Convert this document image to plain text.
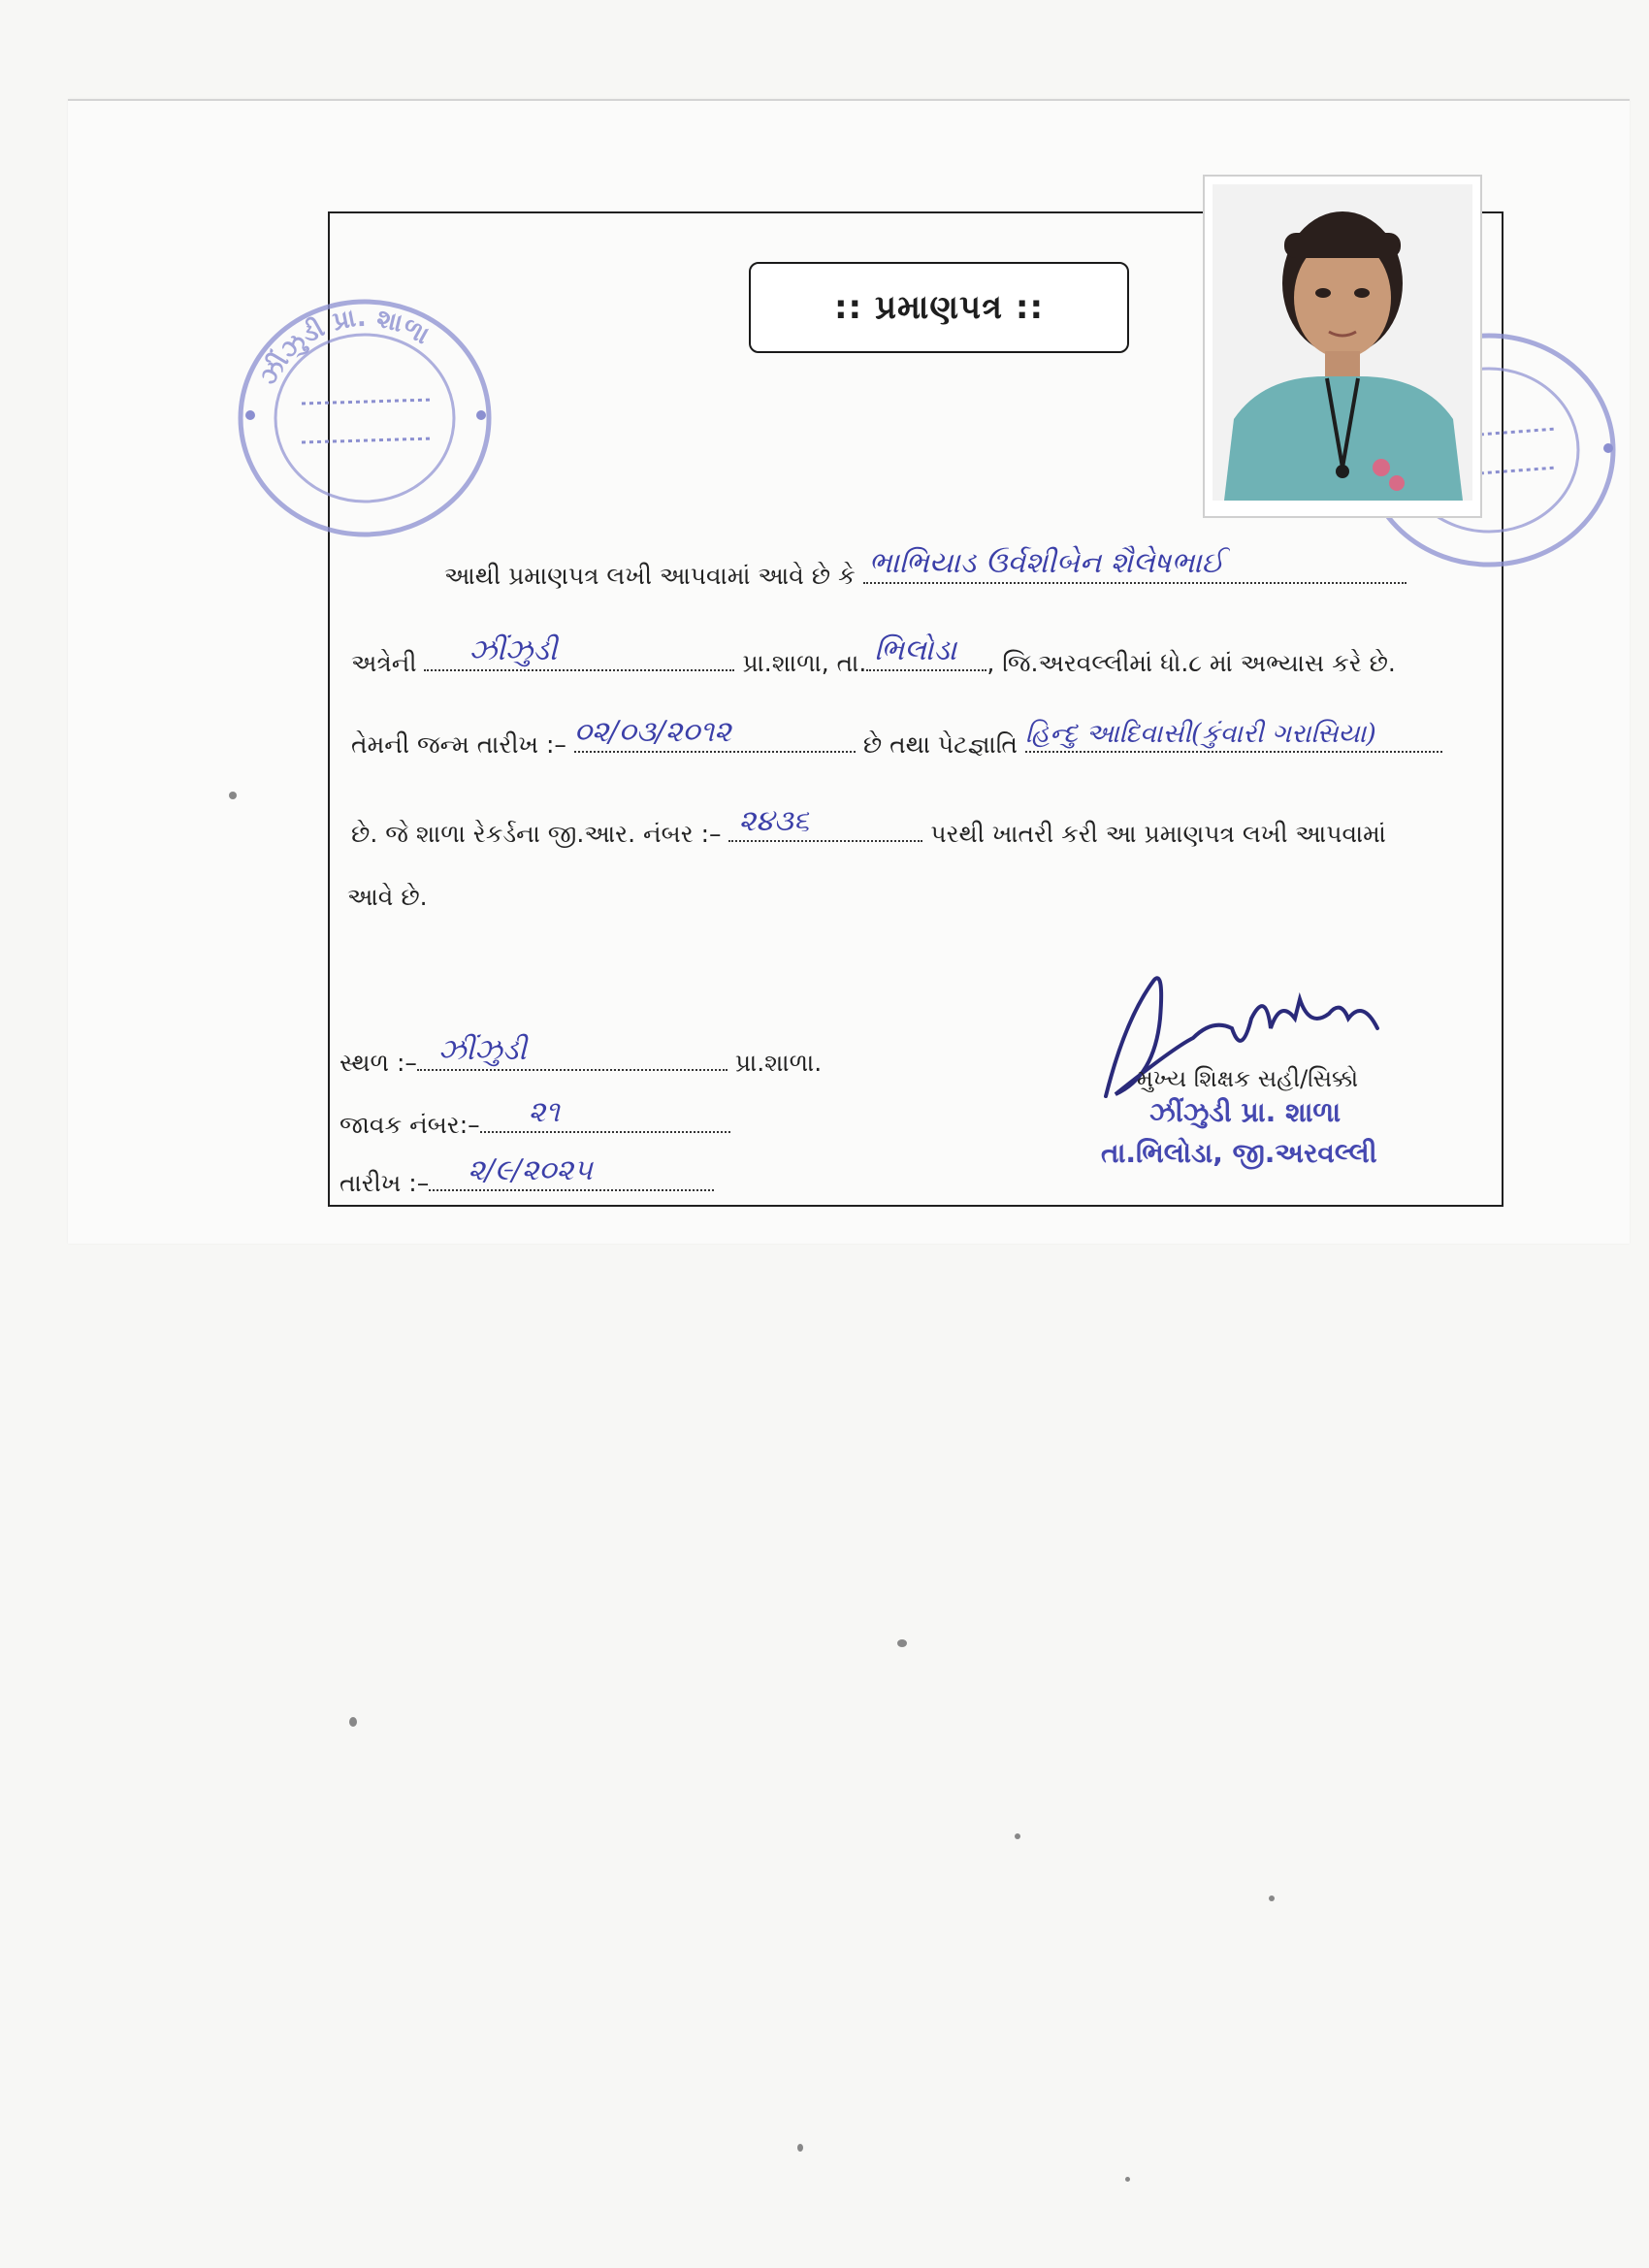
ઝીંઝુડી પ્રા. શાળા
:: પ્રમાણપત્ર ::
આથી પ્રમાણપત્ર લખી આપવામાં આવે છે કે ભાભિયાડ ઉર્વશીબેન શૈલેષભાઈ
અત્રેની ઝીંઝુડી	પ્રા.શાળા, તા. ભિલોડા , જિ.અરવલ્લીમાં ધો.૮ માં અભ્યાસ કરે છે.
તેમની જન્મ તારીખ :– ૦૨/૦૩/૨૦૧૨	છે તથા પેટજ્ઞાતિ હિન્દુ આદિવાસી(કુંવારી ગરાસિયા)
છે. જે શાળા રેકર્ડના જી.આર. નંબર :– ૨૪૩૬	પરથી ખાતરી કરી આ પ્રમાણપત્ર લખી આપવામાં
આવે છે.
સ્થળ :– ઝીંઝુડી	પ્રા.શાળા.
જાવક નંબર:– ૨૧
તારીખ :– ૨/૯/૨૦૨૫
મુખ્ય શિક્ષક સહી/સિક્કો
ઝીંઝુડી પ્રા. શાળા
તા.ભિલોડા, જી.અરવલ્લી
